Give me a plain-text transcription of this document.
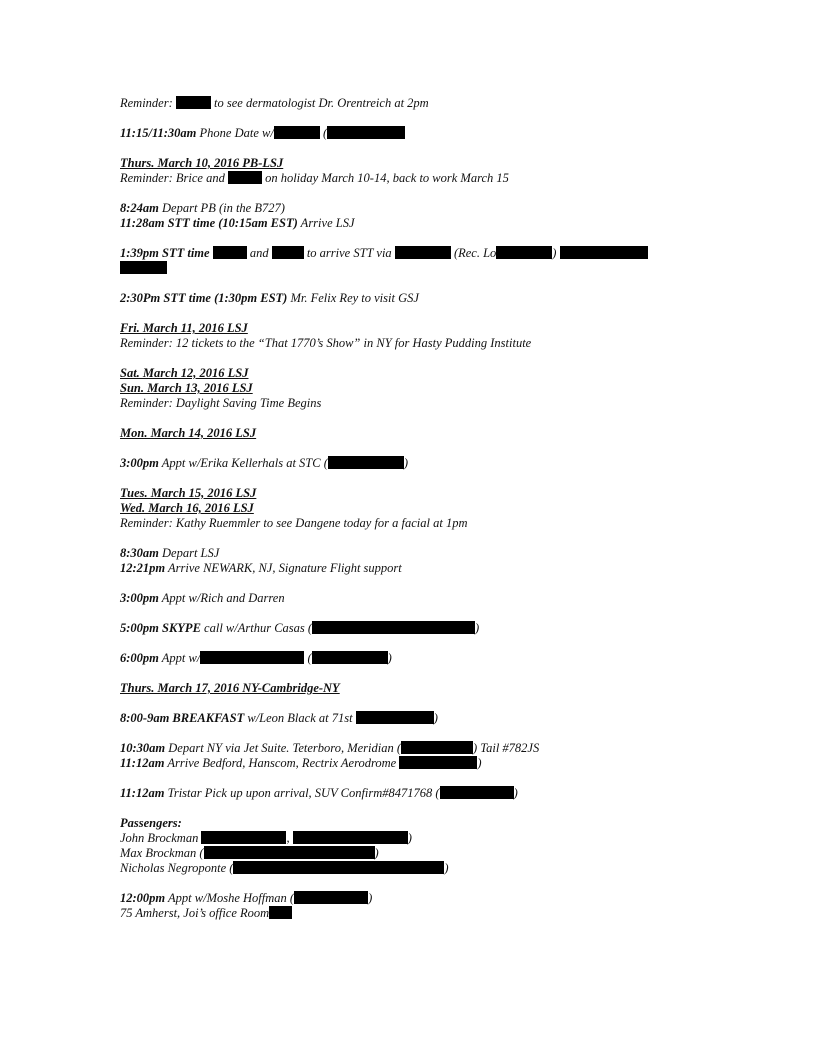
Reminder:	to see dermatologist Dr. Orentreich at 2pm
11:15/11:30am Phone Date w/	(
Thurs. March 10, 2016 PB-LSJ
Reminder: Brice and	on holiday March 10-14, back to work March 15
8:24am Depart PB (in the B727)
11:28am STT time (10:15am EST) Arrive LSJ
1:39pm STT time	and	to arrive STT via	(Rec. Lo	)
2:30Pm STT time (1:30pm EST) Mr. Felix Rey to visit GSJ
Fri. March 11, 2016 LSJ
Reminder: 12 tickets to the “That 1770’s Show” in NY for Hasty Pudding Institute
Sat. March 12, 2016 LSJ
Sun. March 13, 2016 LSJ
Reminder: Daylight Saving Time Begins
Mon. March 14, 2016 LSJ
3:00pm Appt w/Erika Kellerhals at STC (	)
Tues. March 15, 2016 LSJ
Wed. March 16, 2016 LSJ
Reminder: Kathy Ruemmler to see Dangene today for a facial at 1pm
8:30am Depart LSJ
12:21pm Arrive NEWARK, NJ, Signature Flight support
3:00pm Appt w/Rich and Darren
5:00pm SKYPE call w/Arthur Casas (	)
6:00pm Appt w/	(	)
Thurs. March 17, 2016 NY-Cambridge-NY
8:00-9am BREAKFAST w/Leon Black at 71st	)
10:30am Depart NY via Jet Suite. Teterboro, Meridian (	) Tail #782JS
11:12am Arrive Bedford, Hanscom, Rectrix Aerodrome	)
11:12am Tristar Pick up upon arrival, SUV Confirm#8471768 (	)
Passengers:
John Brockman	,	)
Max Brockman (	)
Nicholas Negroponte (	)
12:00pm Appt w/Moshe Hoffman (	)
75 Amherst, Joi’s office Room
